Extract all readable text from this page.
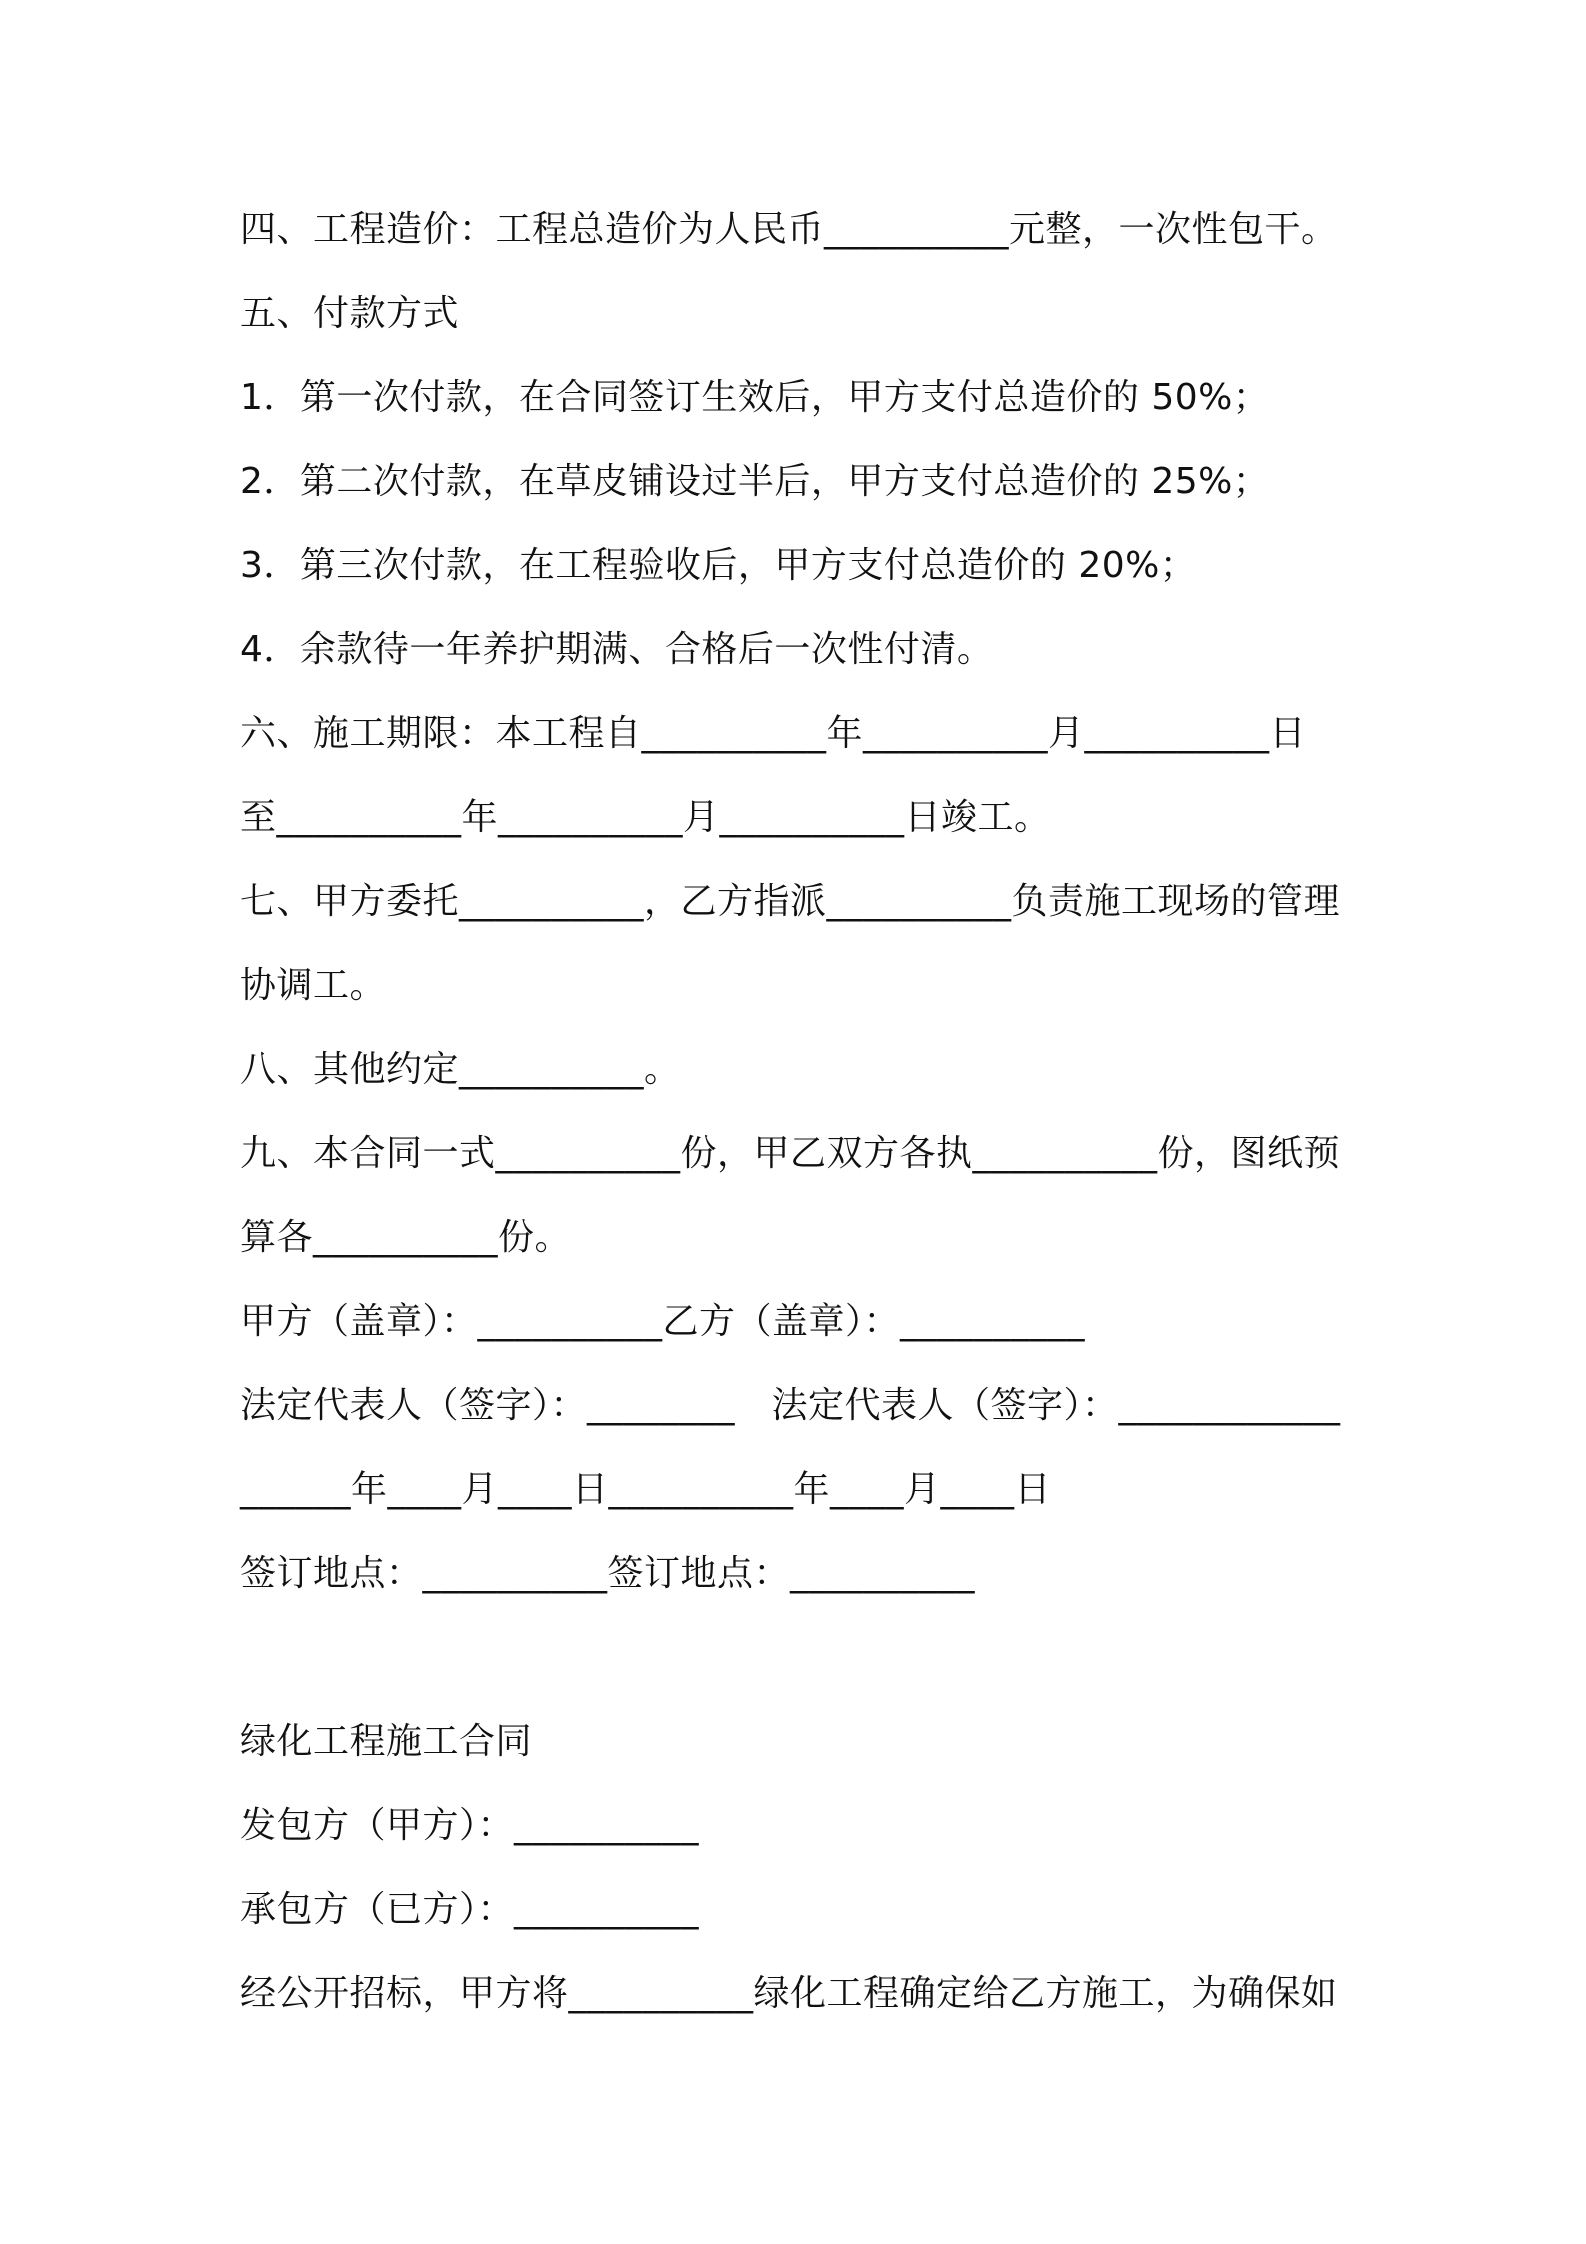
四、工程造价：工程总造价为人民币__________元整，一次性包干。
五、付款方式
1．第一次付款，在合同签订生效后，甲方支付总造价的 50%；
2．第二次付款，在草皮铺设过半后，甲方支付总造价的 25%；
3．第三次付款，在工程验收后，甲方支付总造价的 20%；
4．余款待一年养护期满、合格后一次性付清。
六、施工期限：本工程自__________年__________月__________日
至__________年__________月__________日竣工。
七、甲方委托__________，乙方指派__________负责施工现场的管理
协调工。
八、其他约定__________。
九、本合同一式__________份，甲乙双方各执__________份，图纸预
算各__________份。
甲方（盖章）：__________乙方（盖章）：__________
法定代表人（签字）：________　法定代表人（签字）：____________
______年____月____日__________年____月____日
签订地点：__________签订地点：__________
绿化工程施工合同
发包方（甲方）：__________
承包方（已方）：__________
经公开招标，甲方将__________绿化工程确定给乙方施工，为确保如
